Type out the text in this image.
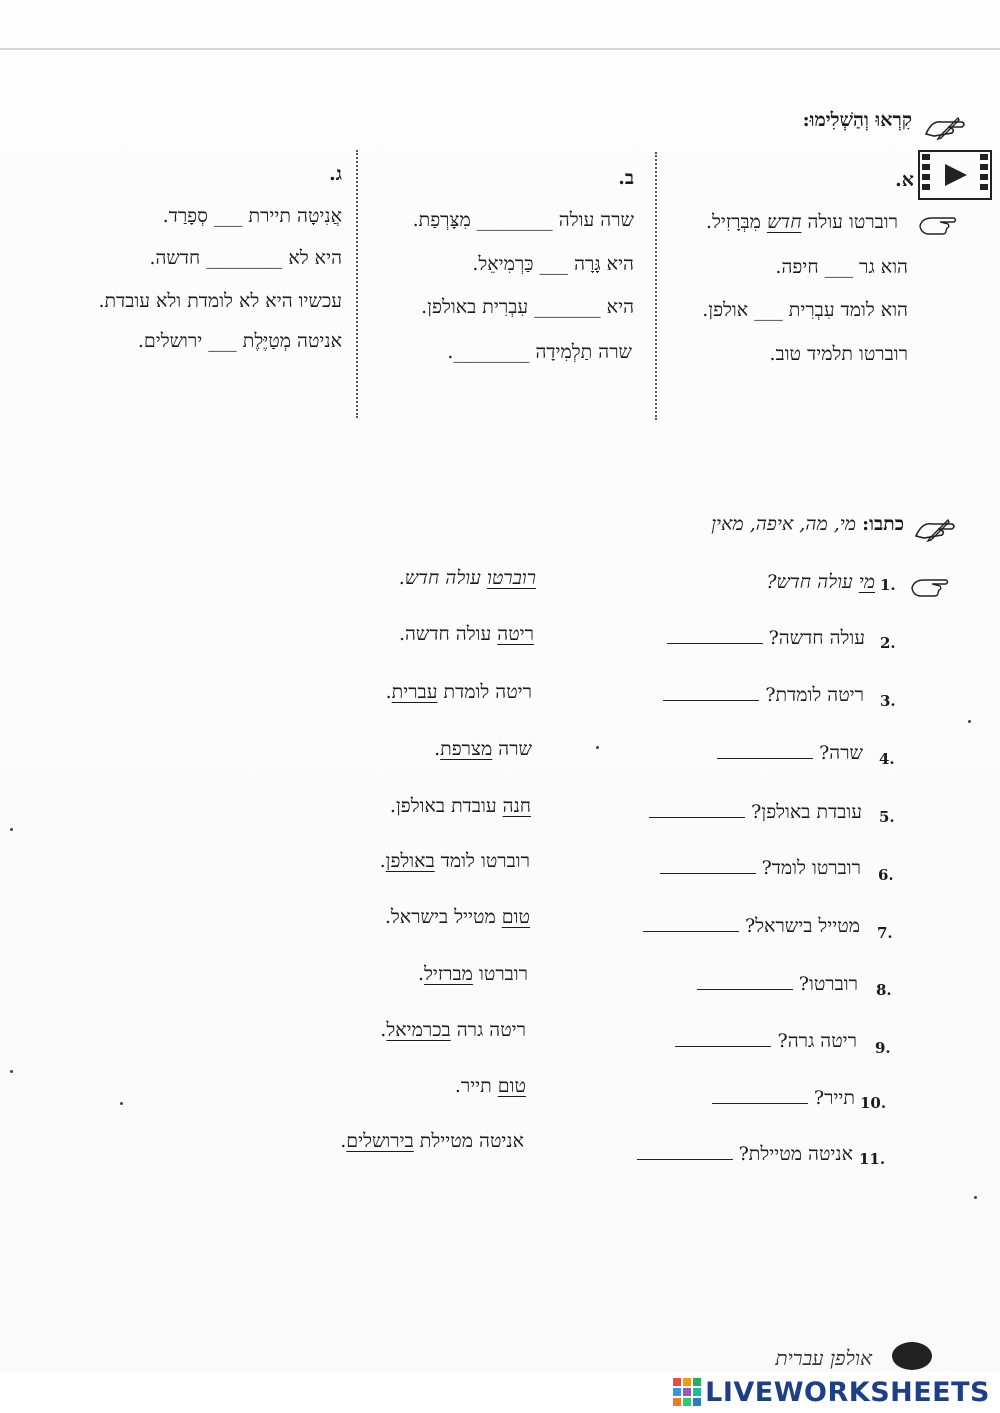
קִרְאוּ וְהַשְׁלִימוּ:
א.
רוברטו עולה חדש מִבְּרָזִיל.
הוא גר ___ חיפה.
הוא לומד עִבְרִית ___ אולפן.
רוברטו תלמיד טוב.
ב.
שרה עולה ________ מִצָּרְפַת.
היא גָּרָה ___ כַּרְמִיאֵל.
היא _______ עִבְרִית באולפן.
שרה תַלְמִידָה ________.
ג.
אֲנִיטָה תיירת ___ סְפָרַד.
היא לא ________ חדשה.
עכשיו היא לא לומדת ולא עובדת.
אניטה מְטַיֶּלֶת ___ ירושלים.
כתבו: מי, מה, איפה, מאין
1.
מי עולה חדש?
2.
עולה חדשה?
3.
ריטה לומדת?
4.
שרה?
5.
עובדת באולפן?
6.
רוברטו לומד?
7.
מטייל בישראל?
8.
רוברטו?
9.
ריטה גרה?
10.
תייר?
11.
אניטה מטיילת?
רוברטו עולה חדש.
ריטה עולה חדשה.
ריטה לומדת עברית.
שרה מצרפת.
חנה עובדת באולפן.
רוברטו לומד באולפן.
טום מטייל בישראל.
רוברטו מברזיל.
ריטה גרה בכרמיאל.
טום תייר.
אניטה מטיילת בירושלים.
אולפן עברית
LIVEWORKSHEETS
